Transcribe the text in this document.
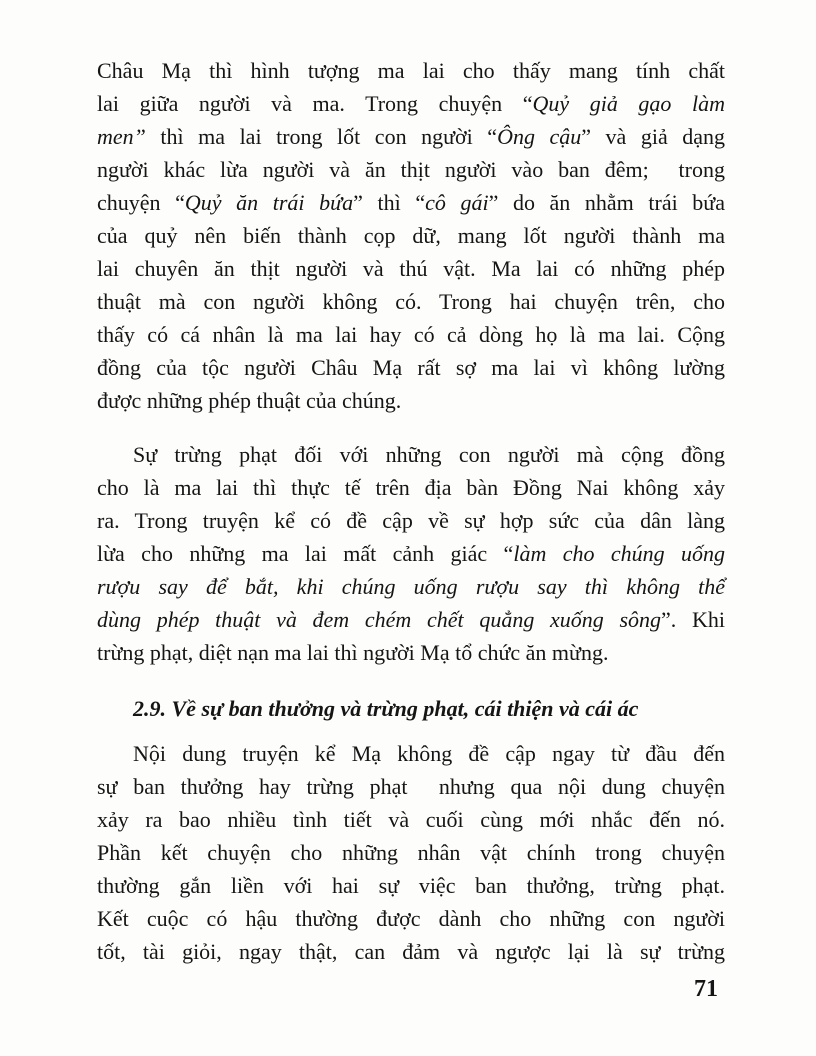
Châu Mạ thì hình tượng ma lai cho thấy mang tính chất
lai giữa người và ma. Trong chuyện “Quỷ giả gạo làm
men” thì ma lai trong lốt con người “Ông cậu” và giả dạng
người khác lừa người và ăn thịt người vào ban đêm;  trong
chuyện “Quỷ ăn trái bứa” thì “cô gái” do ăn nhằm trái bứa
của quỷ nên biến thành cọp dữ, mang lốt người thành ma
lai chuyên ăn thịt người và thú vật. Ma lai có những phép
thuật mà con người không có. Trong hai chuyện trên, cho
thấy có cá nhân là ma lai hay có cả dòng họ là ma lai. Cộng
đồng của tộc người Châu Mạ rất sợ ma lai vì không lường
được những phép thuật của chúng.
Sự trừng phạt đối với những con người mà cộng đồng
cho là ma lai thì thực tế trên địa bàn Đồng Nai không xảy
ra. Trong truyện kể có đề cập về sự hợp sức của dân làng
lừa cho những ma lai mất cảnh giác “làm cho chúng uống
rượu say để bắt, khi chúng uống rượu say thì không thể
dùng phép thuật và đem chém chết quẳng xuống sông”. Khi
trừng phạt, diệt nạn ma lai thì người Mạ tổ chức ăn mừng.
2.9. Về sự ban thưởng và trừng phạt, cái thiện và cái ác
Nội dung truyện kể Mạ không đề cập ngay từ đầu đến
sự ban thưởng hay trừng phạt  nhưng qua nội dung chuyện
xảy ra bao nhiều tình tiết và cuối cùng mới nhắc đến nó.
Phần kết chuyện cho những nhân vật chính trong chuyện
thường gắn liền với hai sự việc ban thưởng, trừng phạt.
Kết cuộc có hậu thường được dành cho những con người
tốt, tài giỏi, ngay thật, can đảm và ngược lại là sự trừng
71
